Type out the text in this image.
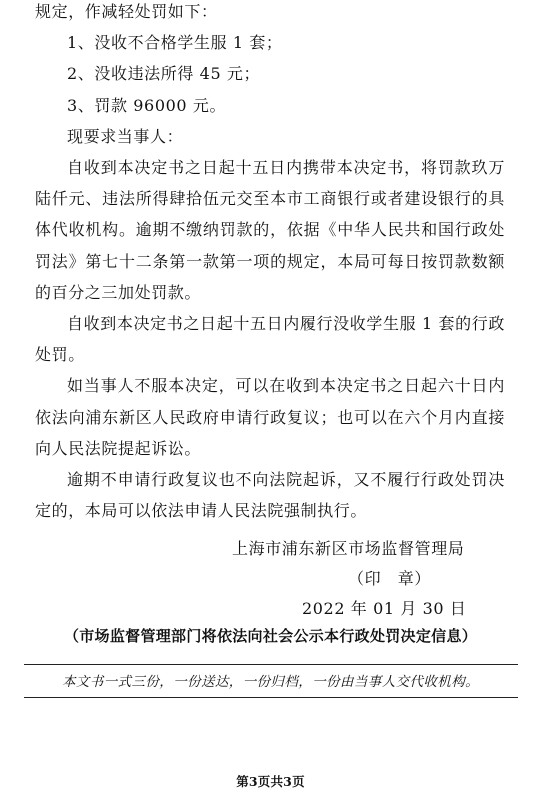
规定，作减轻处罚如下：

1、没收不合格学生服 1 套；

2、没收违法所得 45 元；

3、罚款 96000 元。

现要求当事人：

自收到本决定书之日起十五日内携带本决定书，将罚款玖万陆仟元、违法所得肆拾伍元交至本市工商银行或者建设银行的具体代收机构。逾期不缴纳罚款的，依据《中华人民共和国行政处罚法》第七十二条第一款第一项的规定，本局可每日按罚款数额的百分之三加处罚款。

自收到本决定书之日起十五日内履行没收学生服 1 套的行政处罚。

如当事人不服本决定，可以在收到本决定书之日起六十日内依法向浦东新区人民政府申请行政复议；也可以在六个月内直接向人民法院提起诉讼。

逾期不申请行政复议也不向法院起诉，又不履行行政处罚决定的，本局可以依法申请人民法院强制执行。

上海市浦东新区市场监督管理局
（印　章）
2022 年 01 月 30 日
（市场监督管理部门将依法向社会公示本行政处罚决定信息）
本文书一式三份，一份送达，一份归档，一份由当事人交代收机构。
第3页共3页
